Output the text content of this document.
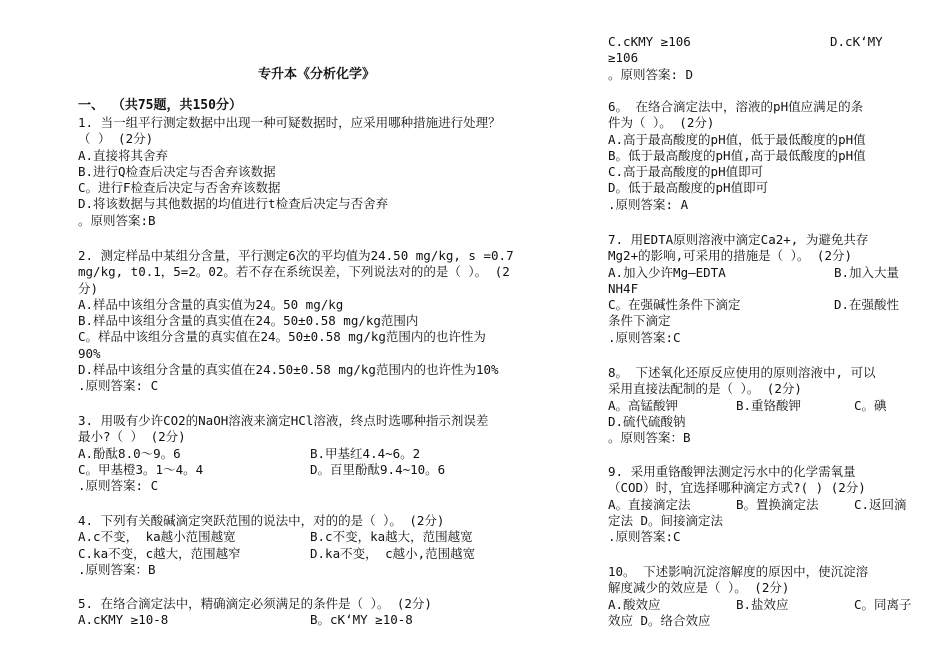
专升本《分析化学》
一、 （共75题，共150分）
1. 当一组平行测定数据中出现一种可疑数据时，应采用哪种措施进行处理？
（ ） (2分)
A.直接将其舍弃
B.进行Q检查后决定与否舍弃该数据
C。进行F检查后决定与否舍弃该数据
D.将该数据与其他数据的均值进行t检查后决定与否舍弃
。原则答案:B
2. 测定样品中某组分含量，平行测定6次的平均值为24.50 mg/kg, s =0.7
mg/kg, t0.1，5=2。02。若不存在系统误差，下列说法对的的是（ ）。 (2
分)
A.样品中该组分含量的真实值为24。50 mg/kg
B.样品中该组分含量的真实值在24。50±0.58 mg/kg范围内
C。样品中该组分含量的真实值在24。50±0.58 mg/kg范围内的也许性为
90%
D.样品中该组分含量的真实值在24.50±0.58 mg/kg范围内的也许性为10%
.原则答案: C
3. 用吸有少许CO2的NaOH溶液来滴定HCl溶液，终点时选哪种指示剂误差
最小?（ ） (2分)
A.酚酞8.0～9。6	B.甲基红4.4~6。2
C。甲基橙3。1～4。4	D。百里酚酞9.4~10。6
.原则答案: C
4. 下列有关酸碱滴定突跃范围的说法中，对的的是（ ）。 (2分)
A.c不变， ka越小范围越宽	B.c不变，ka越大，范围越宽
C.ka不变，c越大，范围越窄	D.ka不变， c越小,范围越宽
.原则答案：B
5. 在络合滴定法中，精确滴定必须满足的条件是（ ）。 (2分)
A.cKMY ≥10-8	B。cK‘MY ≥10-8
C.cKMY ≥106	D.cK‘MY
≥106
。原则答案: D
6。 在络合滴定法中，溶液的pH值应满足的条
件为（ ）。 (2分)
A.高于最高酸度的pH值，低于最低酸度的pH值
B。低于最高酸度的pH值,高于最低酸度的pH值
C.高于最高酸度的pH值即可
D。低于最高酸度的pH值即可
.原则答案: A
7. 用EDTA原则溶液中滴定Ca2+, 为避免共存
Mg2+的影响,可采用的措施是（ ）。 (2分)
A.加入少许Mg—EDTA	B.加入大量
NH4F
C。在强碱性条件下滴定	D.在强酸性
条件下滴定
.原则答案:C
8。 下述氧化还原反应使用的原则溶液中, 可以
采用直接法配制的是（ ）。 (2分)
A。高锰酸钾	B.重铬酸钾	C。碘
D.硫代硫酸钠
。原则答案：B
9. 采用重铬酸钾法测定污水中的化学需氧量
（COD）时，宜选择哪种滴定方式?( ) (2分)
A。直接滴定法	B。置换滴定法	C.返回滴
定法 D。间接滴定法
.原则答案:C
10。 下述影响沉淀溶解度的原因中，使沉淀溶
解度减少的效应是（ ）。 (2分)
A.酸效应	B.盐效应	C。同离子
效应 D。络合效应
